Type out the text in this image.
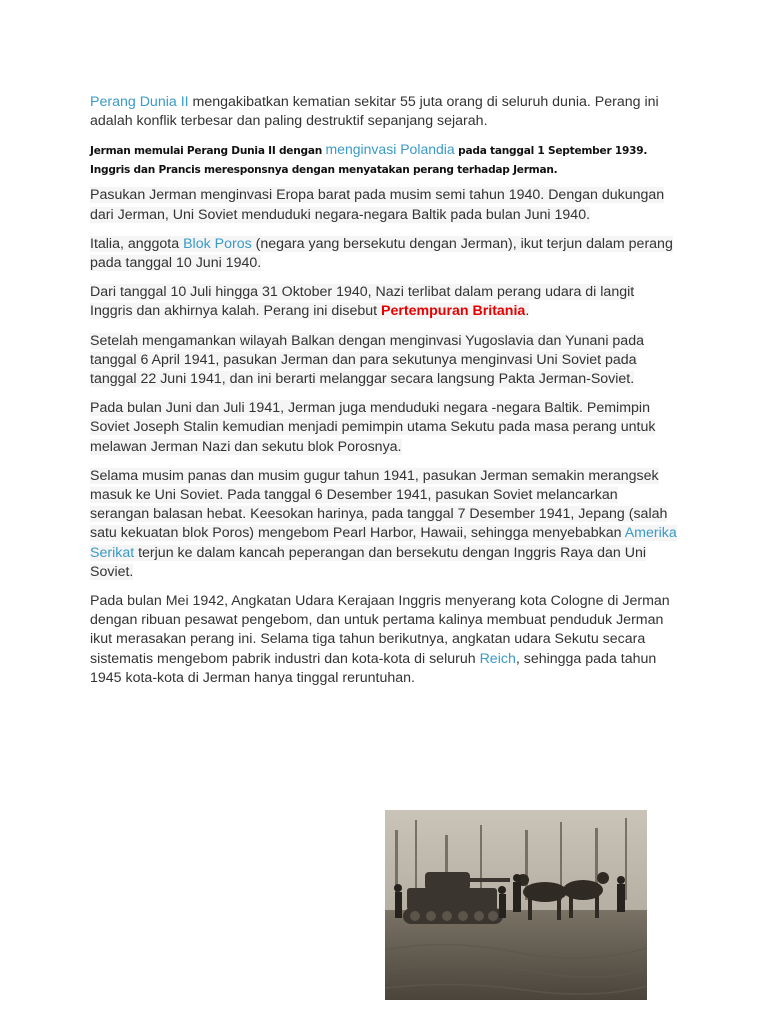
Perang Dunia II mengakibatkan kematian sekitar 55 juta orang di seluruh dunia. Perang ini adalah konflik terbesar dan paling destruktif sepanjang sejarah.

Jerman memulai Perang Dunia II dengan menginvasi Polandia pada tanggal 1 September 1939. Inggris dan Prancis meresponsnya dengan menyatakan perang terhadap Jerman.

Pasukan Jerman menginvasi Eropa barat pada musim semi tahun 1940. Dengan dukungan dari Jerman, Uni Soviet menduduki negara-negara Baltik pada bulan Juni 1940.

Italia, anggota Blok Poros (negara yang bersekutu dengan Jerman), ikut terjun dalam perang pada tanggal 10 Juni 1940.

Dari tanggal 10 Juli hingga 31 Oktober 1940, Nazi terlibat dalam perang udara di langit Inggris dan akhirnya kalah. Perang ini disebut Pertempuran Britania.

Setelah mengamankan wilayah Balkan dengan menginvasi Yugoslavia dan Yunani pada tanggal 6 April 1941, pasukan Jerman dan para sekutunya menginvasi Uni Soviet pada tanggal 22 Juni 1941, dan ini berarti melanggar secara langsung Pakta Jerman-Soviet.

Pada bulan Juni dan Juli 1941, Jerman juga menduduki negara -negara Baltik. Pemimpin Soviet Joseph Stalin kemudian menjadi pemimpin utama Sekutu pada masa perang untuk melawan Jerman Nazi dan sekutu blok Porosnya.

Selama musim panas dan musim gugur tahun 1941, pasukan Jerman semakin merangsek masuk ke Uni Soviet. Pada tanggal 6 Desember 1941, pasukan Soviet melancarkan serangan balasan hebat. Keesokan harinya, pada tanggal 7 Desember 1941, Jepang (salah satu kekuatan blok Poros) mengebom Pearl Harbor, Hawaii, sehingga menyebabkan Amerika Serikat terjun ke dalam kancah peperangan dan bersekutu dengan Inggris Raya dan Uni Soviet.

Pada bulan Mei 1942, Angkatan Udara Kerajaan Inggris menyerang kota Cologne di Jerman dengan ribuan pesawat pengebom, dan untuk pertama kalinya membuat penduduk Jerman ikut merasakan perang ini. Selama tiga tahun berikutnya, angkatan udara Sekutu secara sistematis mengebom pabrik industri dan kota-kota di seluruh Reich, sehingga pada tahun 1945 kota-kota di Jerman hanya tinggal reruntuhan.
